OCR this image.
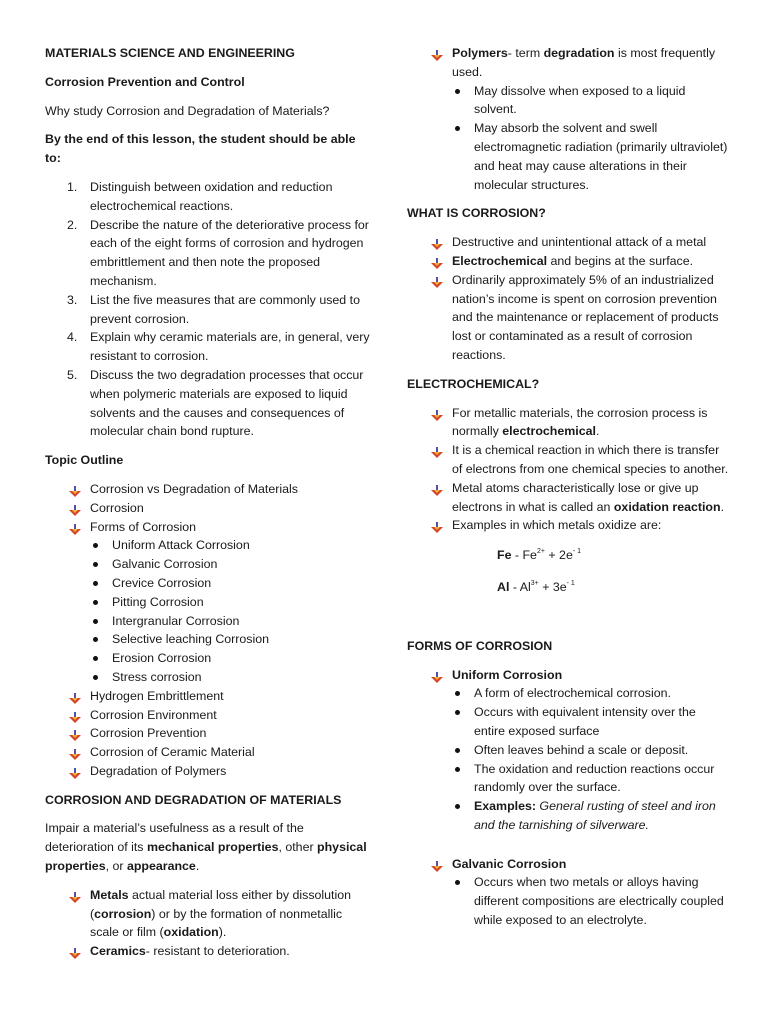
MATERIALS SCIENCE AND ENGINEERING

Corrosion Prevention and Control

Why study Corrosion and Degradation of Materials?

By the end of this lesson, the student should be able to:

1. Distinguish between oxidation and reduction electrochemical reactions.
2. Describe the nature of the deteriorative process for each of the eight forms of corrosion and hydrogen embrittlement and then note the proposed mechanism.
3. List the five measures that are commonly used to prevent corrosion.
4. Explain why ceramic materials are, in general, very resistant to corrosion.
5. Discuss the two degradation processes that occur when polymeric materials are exposed to liquid solvents and the causes and consequences of molecular chain bond rupture.

Topic Outline

Corrosion vs Degradation of Materials
Corrosion
Forms of Corrosion
Uniform Attack Corrosion
Galvanic Corrosion
Crevice Corrosion
Pitting Corrosion
Intergranular Corrosion
Selective leaching Corrosion
Erosion Corrosion
Stress corrosion
Hydrogen Embrittlement
Corrosion Environment
Corrosion Prevention
Corrosion of Ceramic Material
Degradation of Polymers

CORROSION AND DEGRADATION OF MATERIALS

Impair a material’s usefulness as a result of the deterioration of its mechanical properties, other physical properties, or appearance.

Metals actual material loss either by dissolution (corrosion) or by the formation of nonmetallic scale or film (oxidation).
Ceramics- resistant to deterioration.
Polymers- term degradation is most frequently used.
May dissolve when exposed to a liquid solvent.
May absorb the solvent and swell electromagnetic radiation (primarily ultraviolet) and heat may cause alterations in their molecular structures.

WHAT IS CORROSION?

Destructive and unintentional attack of a metal
Electrochemical and begins at the surface.
Ordinarily approximately 5% of an industrialized nation’s income is spent on corrosion prevention and the maintenance or replacement of products lost or contaminated as a result of corrosion reactions.

ELECTROCHEMICAL?

For metallic materials, the corrosion process is normally electrochemical.
It is a chemical reaction in which there is transfer of electrons from one chemical species to another.
Metal atoms characteristically lose or give up electrons in what is called an oxidation reaction.
Examples in which metals oxidize are:

$Fe - Fe^{2+} + 2e^{- 1}$

$Al - Al^{3+} + 3e^{- 1}$

FORMS OF CORROSION

Uniform Corrosion
A form of electrochemical corrosion.
Occurs with equivalent intensity over the entire exposed surface
Often leaves behind a scale or deposit.
The oxidation and reduction reactions occur randomly over the surface.
Examples: General rusting of steel and iron and the tarnishing of silverware.
Galvanic Corrosion
Occurs when two metals or alloys having different compositions are electrically coupled while exposed to an electrolyte.
